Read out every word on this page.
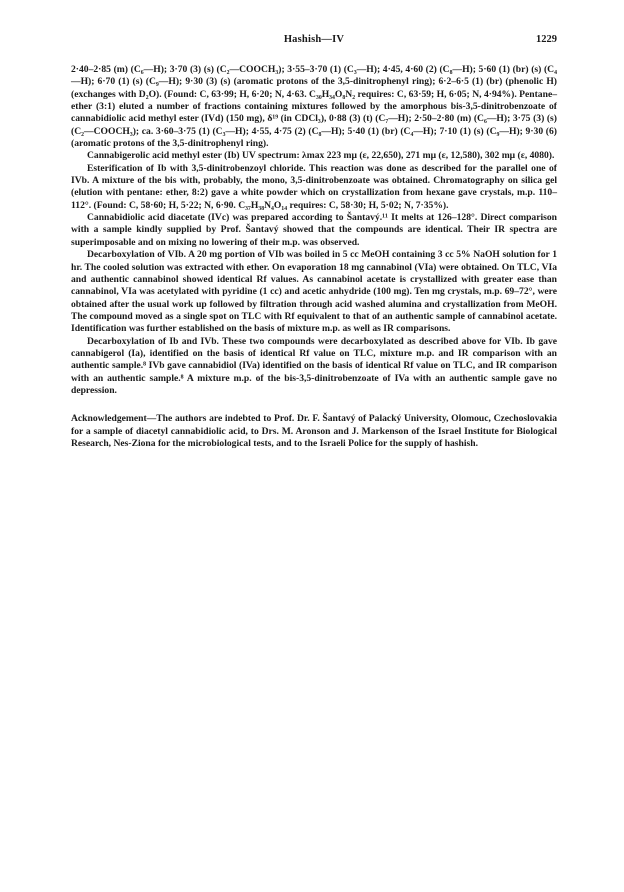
Hashish—IV	1229

2·40–2·85 (m) (C₆—H); 3·70 (3) (s) (C₂—COOCH₃); 3·55–3·70 (1) (C₃—H); 4·45, 4·60 (2) (C₈—H); 5·60 (1) (br) (s) (C₄—H); 6·70 (1) (s) (C₉—H); 9·30 (3) (s) (aromatic protons of the 3,5-dinitrophenyl ring); 6·2–6·5 (1) (br) (phenolic H) (exchanges with D₂O). (Found: C, 63·99; H, 6·20; N, 4·63. C₃₀H₃₄O₈N₂ requires: C, 63·59; H, 6·05; N, 4·94%). Pentane–ether (3:1) eluted a number of fractions containing mixtures followed by the amorphous bis-3,5-dinitrobenzoate of cannabidiolic acid methyl ester (IVd) (150 mg), δ¹⁹ (in CDCl₃), 0·88 (3) (t) (C₇—H); 2·50–2·80 (m) (C₆—H); 3·75 (3) (s) (C₂—COOCH₃); ca. 3·60–3·75 (1) (C₃—H); 4·55, 4·75 (2) (C₈—H); 5·40 (1) (br) (C₄—H); 7·10 (1) (s) (C₉—H); 9·30 (6) (aromatic protons of the 3,5-dinitrophenyl ring).

Cannabigerolic acid methyl ester (Ib) UV spectrum: λmax 223 mμ (ε, 22,650), 271 mμ (ε, 12,580), 302 mμ (ε, 4080).

Esterification of Ib with 3,5-dinitrobenzoyl chloride. This reaction was done as described for the parallel one of IVb. A mixture of the bis with, probably, the mono, 3,5-dinitrobenzoate was obtained. Chromatography on silica gel (elution with pentane: ether, 8:2) gave a white powder which on crystallization from hexane gave crystals, m.p. 110–112°. (Found: C, 58·60; H, 5·22; N, 6·90. C₃₇H₃₈N₄O₁₄ requires: C, 58·30; H, 5·02; N, 7·35%).

Cannabidiolic acid diacetate (IVc) was prepared according to Šantavý.¹¹ It melts at 126–128°. Direct comparison with a sample kindly supplied by Prof. Šantavý showed that the compounds are identical. Their IR spectra are superimposable and on mixing no lowering of their m.p. was observed.

Decarboxylation of VIb. A 20 mg portion of VIb was boiled in 5 cc MeOH containing 3 cc 5% NaOH solution for 1 hr. The cooled solution was extracted with ether. On evaporation 18 mg cannabinol (VIa) were obtained. On TLC, VIa and authentic cannabinol showed identical Rf values. As cannabinol acetate is crystallized with greater ease than cannabinol, VIa was acetylated with pyridine (1 cc) and acetic anhydride (100 mg). Ten mg crystals, m.p. 69–72°, were obtained after the usual work up followed by filtration through acid washed alumina and crystallization from MeOH. The compound moved as a single spot on TLC with Rf equivalent to that of an authentic sample of cannabinol acetate. Identification was further established on the basis of mixture m.p. as well as IR comparisons.

Decarboxylation of Ib and IVb. These two compounds were decarboxylated as described above for VIb. Ib gave cannabigerol (Ia), identified on the basis of identical Rf value on TLC, mixture m.p. and IR comparison with an authentic sample.⁸ IVb gave cannabidiol (IVa) identified on the basis of identical Rf value on TLC, and IR comparison with an authentic sample.⁸ A mixture m.p. of the bis-3,5-dinitrobenzoate of IVa with an authentic sample gave no depression.

Acknowledgement—The authors are indebted to Prof. Dr. F. Šantavý of Palacký University, Olomouc, Czechoslovakia for a sample of diacetyl cannabidiolic acid, to Drs. M. Aronson and J. Markenson of the Israel Institute for Biological Research, Nes-Ziona for the microbiological tests, and to the Israeli Police for the supply of hashish.
